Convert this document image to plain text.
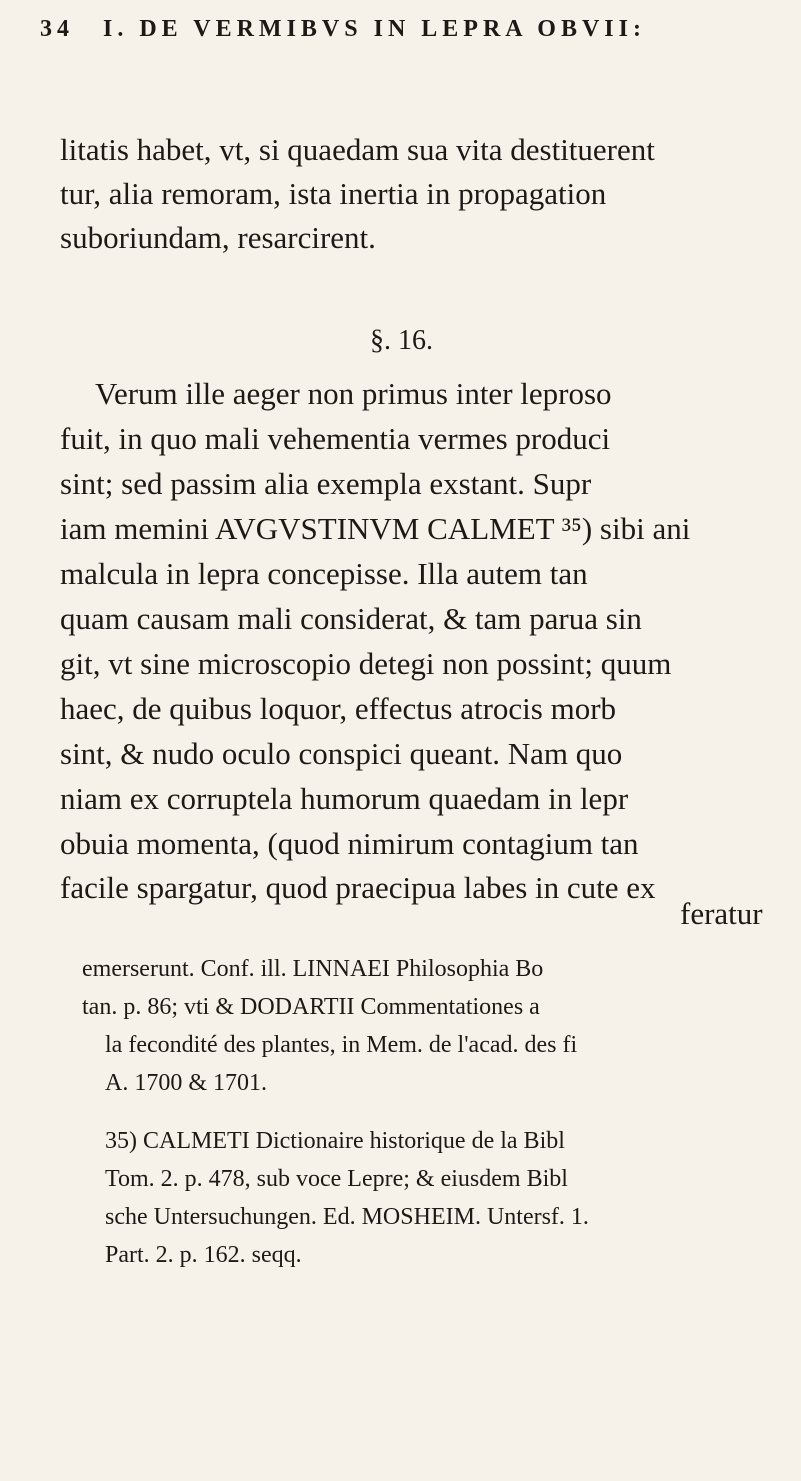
34 I. DE VERMIBVS IN LEPRA OBVII:
litatis habet, vt, si quaedam sua vita destituerent
tur, alia remoram, ista inertia in propagation
suboriundam, resarcirent.
§. 16.
Verum ille aeger non primus inter leproso
fuit, in quo mali vehementia vermes produci
sint; sed passim alia exempla exstant. Supr
iam memini AVGVSTINVM CALMET ³⁵) sibi ani
malcula in lepra concepisse. Illa autem tan
quam causam mali considerat, & tam parua sin
git, vt sine microscopio detegi non possint; quum
haec, de quibus loquor, effectus atrocis morb
sint, & nudo oculo conspici queant. Nam quo
niam ex corruptela humorum quaedam in lepr
obuia momenta, (quod nimirum contagium tan
facile spargatur, quod praecipua labes in cute ex
feratur
emerserunt. Conf. ill. LINNAEI Philosophia Bo
tan. p. 86; vti & DODARTII Commentationes a
la fecondité des plantes, in Mem. de l'acad. des fi
A. 1700 & 1701.
35) CALMETI Dictionaire historique de la Bibl
Tom. 2. p. 478, sub voce Lepre; & eiusdem Bibl
sche Untersuchungen. Ed. MOSHEIM. Untersf. 1.
Part. 2. p. 162. seqq.
